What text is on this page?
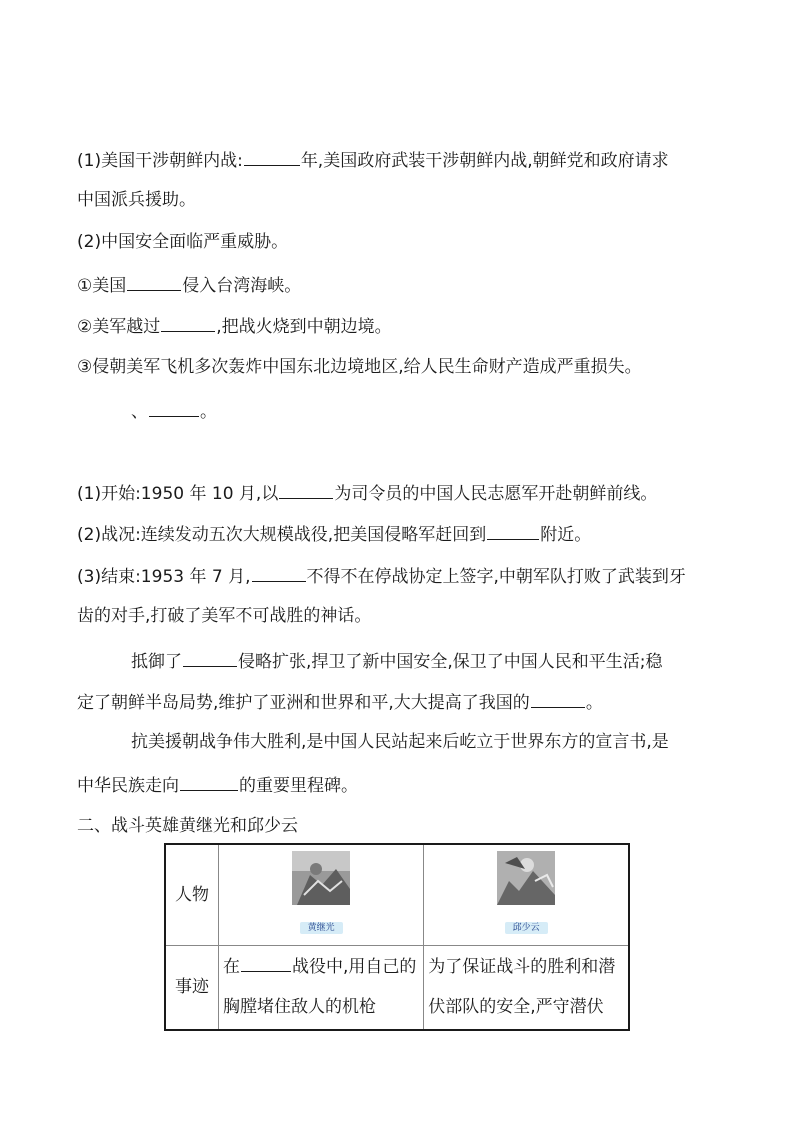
(1)美国干涉朝鲜内战:	年,美国政府武装干涉朝鲜内战,朝鲜党和政府请求
中国派兵援助。
(2)中国安全面临严重威胁。
①美国	侵入台湾海峡。
②美军越过	,把战火烧到中朝边境。
③侵朝美军飞机多次轰炸中国东北边境地区,给人民生命财产造成严重损失。
、	。
(1)开始:1950 年 10 月,以	为司令员的中国人民志愿军开赴朝鲜前线。
(2)战况:连续发动五次大规模战役,把美国侵略军赶回到	附近。
(3)结束:1953 年 7 月,	不得不在停战协定上签字,中朝军队打败了武装到牙
齿的对手,打破了美军不可战胜的神话。
抵御了	侵略扩张,捍卫了新中国安全,保卫了中国人民和平生活;稳
定了朝鲜半岛局势,维护了亚洲和世界和平,大大提高了我国的	。
抗美援朝战争伟大胜利,是中国人民站起来后屹立于世界东方的宣言书,是
中华民族走向	的重要里程碑。
二、战斗英雄黄继光和邱少云
人物	黄继光	邱少云
事迹	在 战役中,用自己的胸膛堵住敌人的机枪	为了保证战斗的胜利和潜伏部队的安全,严守潜伏
